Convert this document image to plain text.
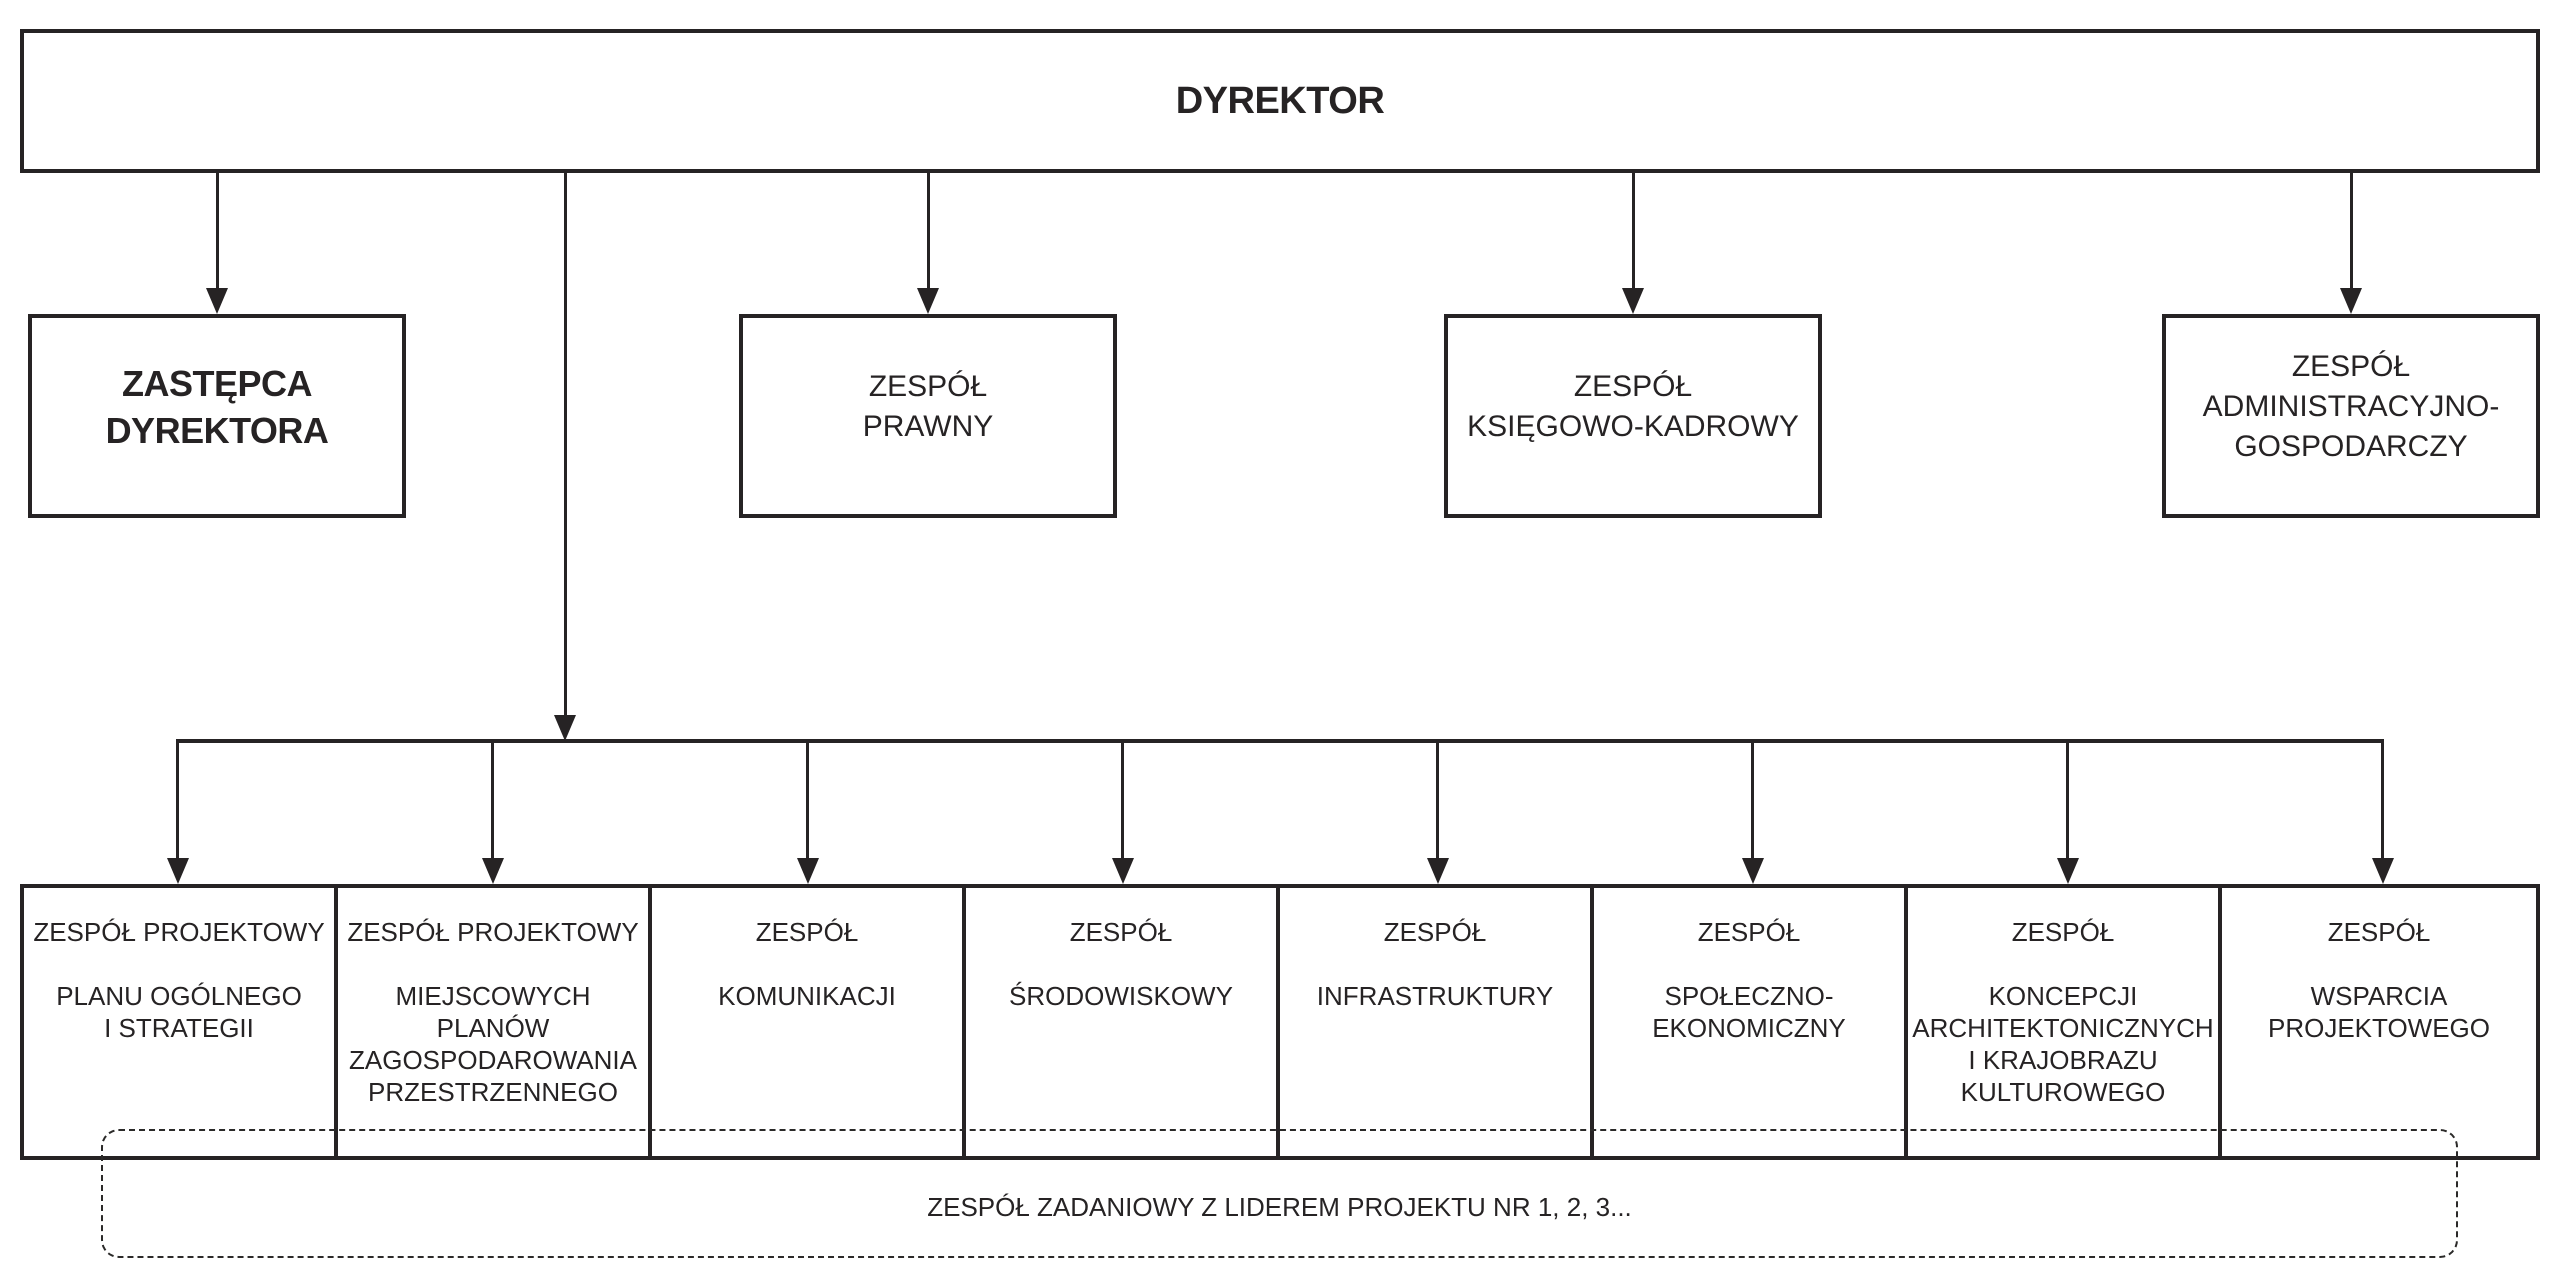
DYREKTOR
ZASTĘPCA
DYREKTORA
ZESPÓŁ
PRAWNY
ZESPÓŁ
KSIĘGOWO-KADROWY
ZESPÓŁ
ADMINISTRACYJNO-
GOSPODARCZY
ZESPÓŁ PROJEKTOWY
PLANU OGÓLNEGO
I STRATEGII
ZESPÓŁ PROJEKTOWY
MIEJSCOWYCH PLANÓW
ZAGOSPODAROWANIA
PRZESTRZENNEGO
ZESPÓŁ
KOMUNIKACJI
ZESPÓŁ
ŚRODOWISKOWY
ZESPÓŁ
INFRASTRUKTURY
ZESPÓŁ
SPOŁECZNO-
EKONOMICZNY
ZESPÓŁ
KONCEPCJI
ARCHITEKTONICZNYCH
I KRAJOBRAZU
KULTUROWEGO
ZESPÓŁ
WSPARCIA
PROJEKTOWEGO
ZESPÓŁ ZADANIOWY Z LIDEREM PROJEKTU NR 1, 2, 3...
